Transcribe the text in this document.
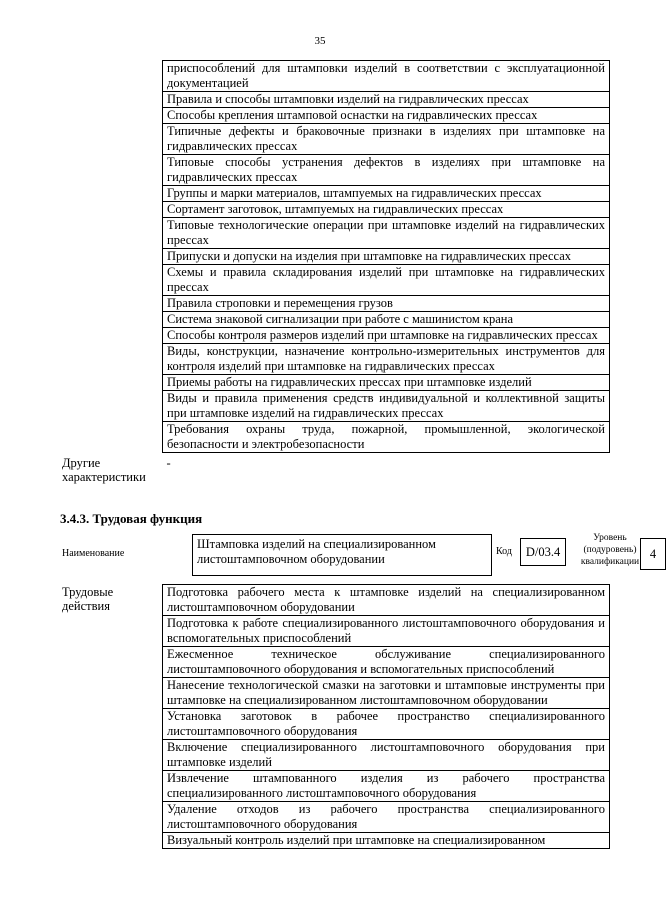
35
	приспособлений для штамповки изделий в соответствии с эксплуатационной документацией
	Правила и способы штамповки изделий на гидравлических прессах
	Способы крепления штамповой оснастки на гидравлических прессах
	Типичные дефекты и браковочные признаки в изделиях при штамповке на гидравлических прессах
	Типовые способы устранения дефектов в изделиях при штамповке на гидравлических прессах
	Группы и марки материалов, штампуемых на гидравлических прессах
	Сортамент заготовок, штампуемых на гидравлических прессах
	Типовые технологические операции при штамповке изделий на гидравлических прессах
	Припуски и допуски на изделия при штамповке на гидравлических прессах
	Схемы и правила складирования изделий при штамповке на гидравлических прессах
	Правила строповки и перемещения грузов
	Система знаковой сигнализации при работе с машинистом крана
	Способы контроля размеров изделий при штамповке на гидравлических прессах
	Виды, конструкции, назначение контрольно-измерительных инструментов для контроля изделий при штамповке на гидравлических прессах
	Приемы работы на гидравлических прессах при штамповке изделий
	Виды и правила применения средств индивидуальной и коллективной защиты при штамповке изделий на гидравлических прессах
	Требования охраны труда, пожарной, промышленной, экологической безопасности и электробезопасности
Другие характеристики	-
3.4.3. Трудовая функция
Наименование
Штамповка изделий на специализированном листоштамповочном оборудовании
Код	D/03.4
Уровень (подуровень) квалификации
4
Трудовые действия	Подготовка рабочего места к штамповке изделий на специализированном листоштамповочном оборудовании
	Подготовка к работе специализированного листоштамповочного оборудования и вспомогательных приспособлений
	Ежесменное техническое обслуживание специализированного листоштамповочного оборудования и вспомогательных приспособлений
	Нанесение технологической смазки на заготовки и штамповые инструменты при штамповке на специализированном листоштамповочном оборудовании
	Установка заготовок в рабочее пространство специализированного листоштамповочного оборудования
	Включение специализированного листоштамповочного оборудования при штамповке изделий
	Извлечение штампованного изделия из рабочего пространства специализированного листоштамповочного оборудования
	Удаление отходов из рабочего пространства специализированного листоштамповочного оборудования
	Визуальный контроль изделий при штамповке на специализированном
